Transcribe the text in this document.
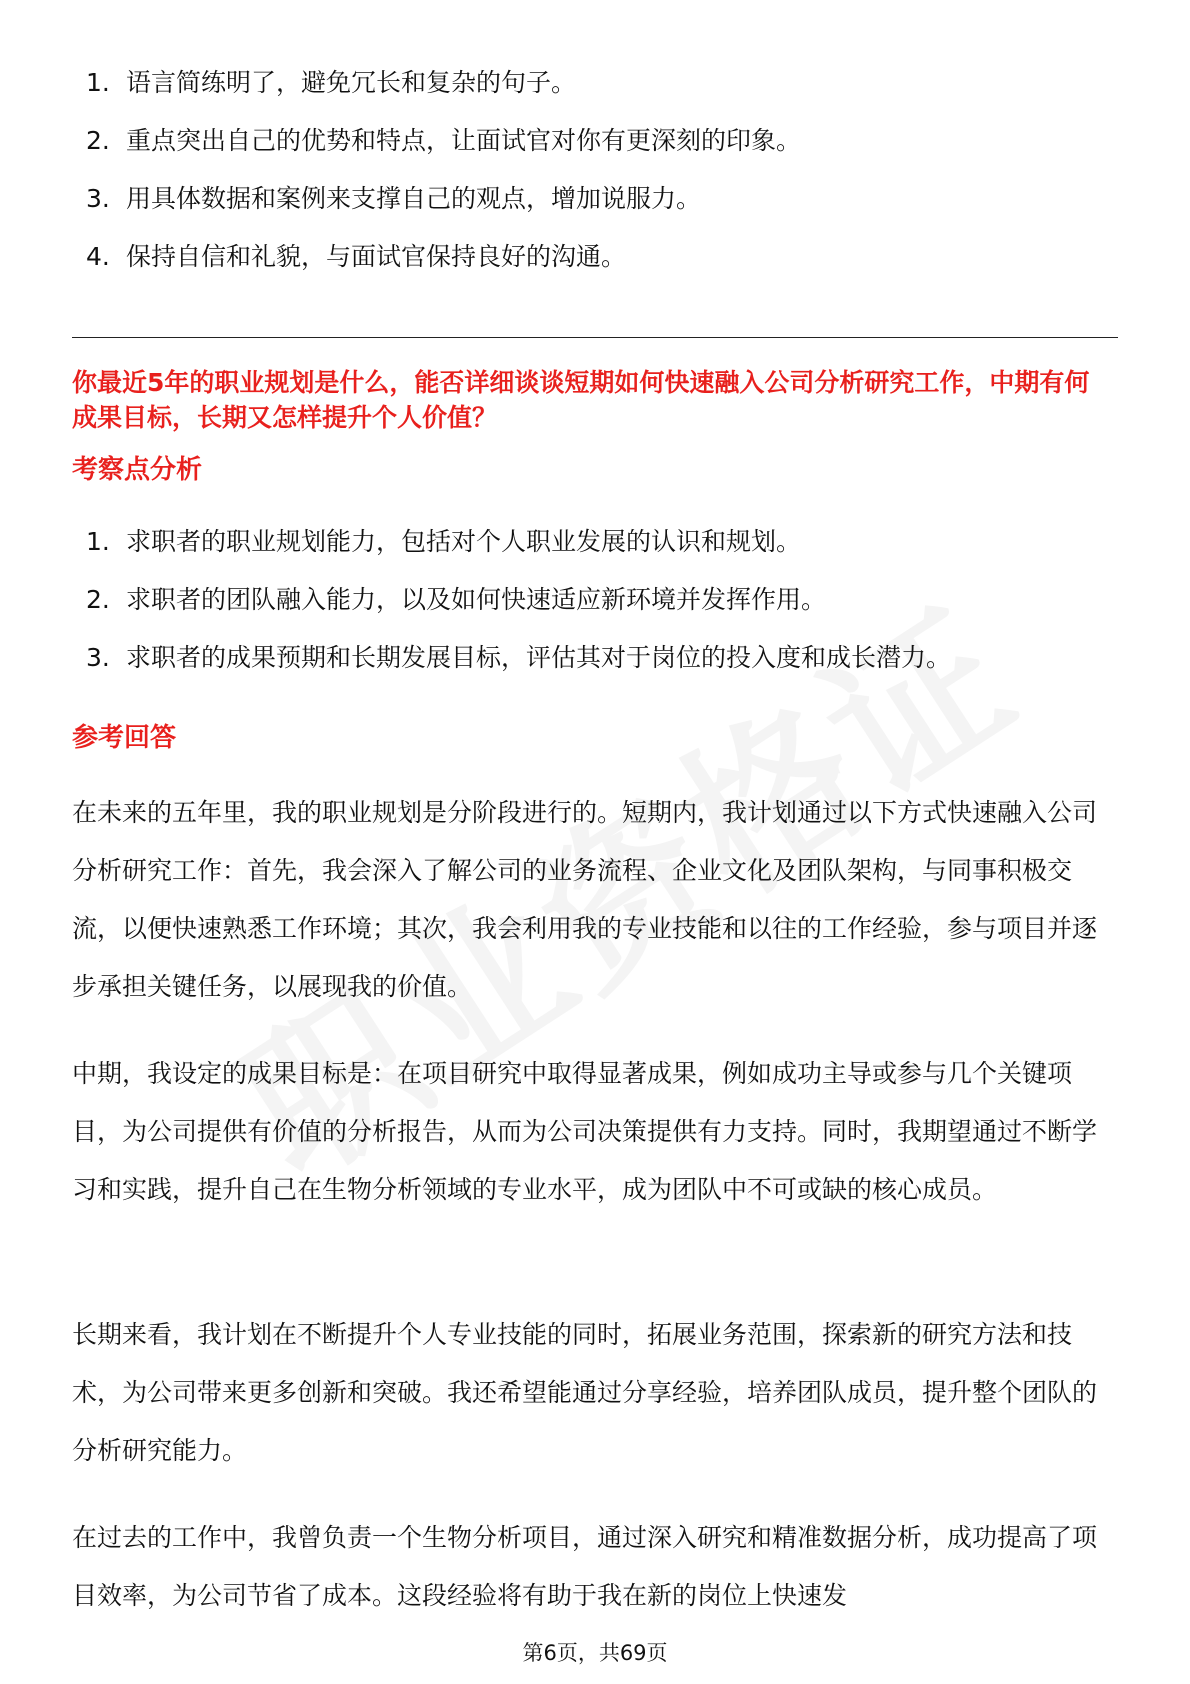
1. 语言简练明了，避免冗长和复杂的句子。
2. 重点突出自己的优势和特点，让面试官对你有更深刻的印象。
3. 用具体数据和案例来支撑自己的观点，增加说服力。
4. 保持自信和礼貌，与面试官保持良好的沟通。
你最近5年的职业规划是什么，能否详细谈谈短期如何快速融入公司分析研究工作，中期有何成果目标，长期又怎样提升个人价值？
考察点分析
1. 求职者的职业规划能力，包括对个人职业发展的认识和规划。
2. 求职者的团队融入能力，以及如何快速适应新环境并发挥作用。
3. 求职者的成果预期和长期发展目标，评估其对于岗位的投入度和成长潜力。
参考回答

在未来的五年里，我的职业规划是分阶段进行的。短期内，我计划通过以下方式快速融入公司分析研究工作：首先，我会深入了解公司的业务流程、企业文化及团队架构，与同事积极交流，以便快速熟悉工作环境；其次，我会利用我的专业技能和以往的工作经验，参与项目并逐步承担关键任务，以展现我的价值。

中期，我设定的成果目标是：在项目研究中取得显著成果，例如成功主导或参与几个关键项目，为公司提供有价值的分析报告，从而为公司决策提供有力支持。同时，我期望通过不断学习和实践，提升自己在生物分析领域的专业水平，成为团队中不可或缺的核心成员。

长期来看，我计划在不断提升个人专业技能的同时，拓展业务范围，探索新的研究方法和技术，为公司带来更多创新和突破。我还希望能通过分享经验，培养团队成员，提升整个团队的分析研究能力。

在过去的工作中，我曾负责一个生物分析项目，通过深入研究和精准数据分析，成功提高了项目效率，为公司节省了成本。这段经验将有助于我在新的岗位上快速发

第6页，共69页
